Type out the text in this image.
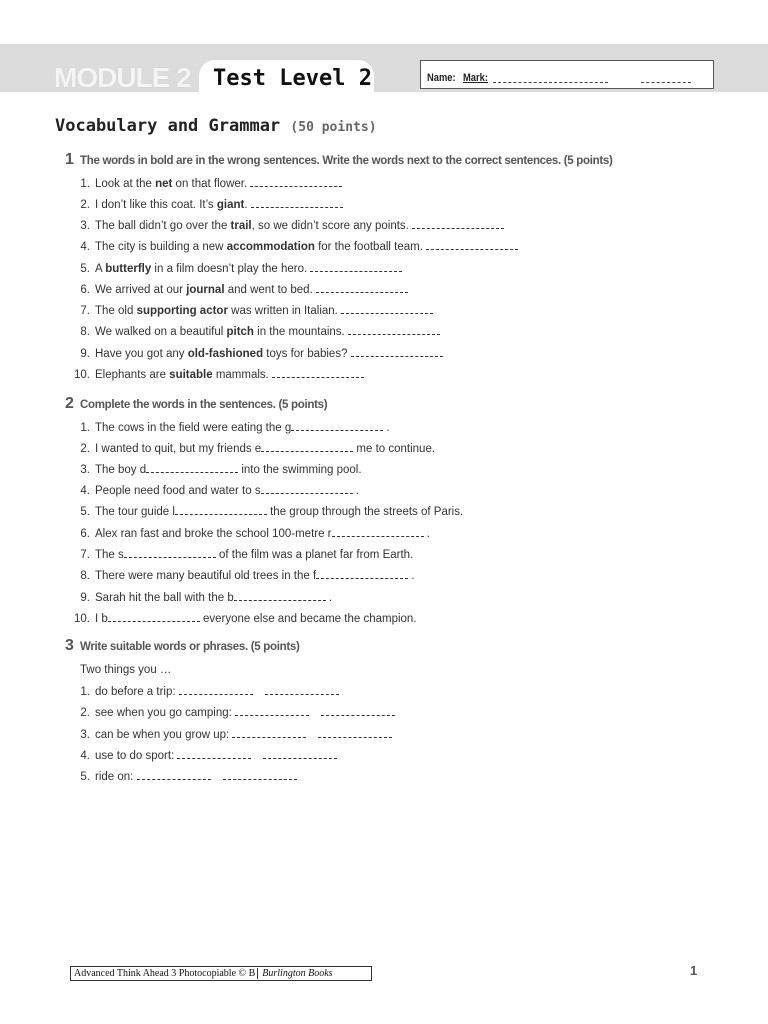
MODULE 2 Test Level 2	Name: Mark:
Vocabulary and Grammar (50 points)
1 The words in bold are in the wrong sentences. Write the words next to the correct sentences. (5 points)
1. Look at the net on that flower.
2. I don’t like this coat. It’s giant.
3. The ball didn’t go over the trail, so we didn’t score any points.
4. The city is building a new accommodation for the football team.
5. A butterfly in a film doesn’t play the hero.
6. We arrived at our journal and went to bed.
7. The old supporting actor was written in Italian.
8. We walked on a beautiful pitch in the mountains.
9. Have you got any old-fashioned toys for babies?
10. Elephants are suitable mammals.
2 Complete the words in the sentences. (5 points)
1. The cows in the field were eating the g	.
2. I wanted to quit, but my friends e	me to continue.
3. The boy d	into the swimming pool.
4. People need food and water to s	.
5. The tour guide l	the group through the streets of Paris.
6. Alex ran fast and broke the school 100-metre r	.
7. The s	of the film was a planet far from Earth.
8. There were many beautiful old trees in the f	.
9. Sarah hit the ball with the b	.
10. I b	everyone else and became the champion.
3 Write suitable words or phrases. (5 points)
Two things you …
1. do before a trip:
2. see when you go camping:
3. can be when you grow up:
4. use to do sport:
5. ride on:
Advanced Think Ahead 3 Photocopiable © B Burlington Books	1
